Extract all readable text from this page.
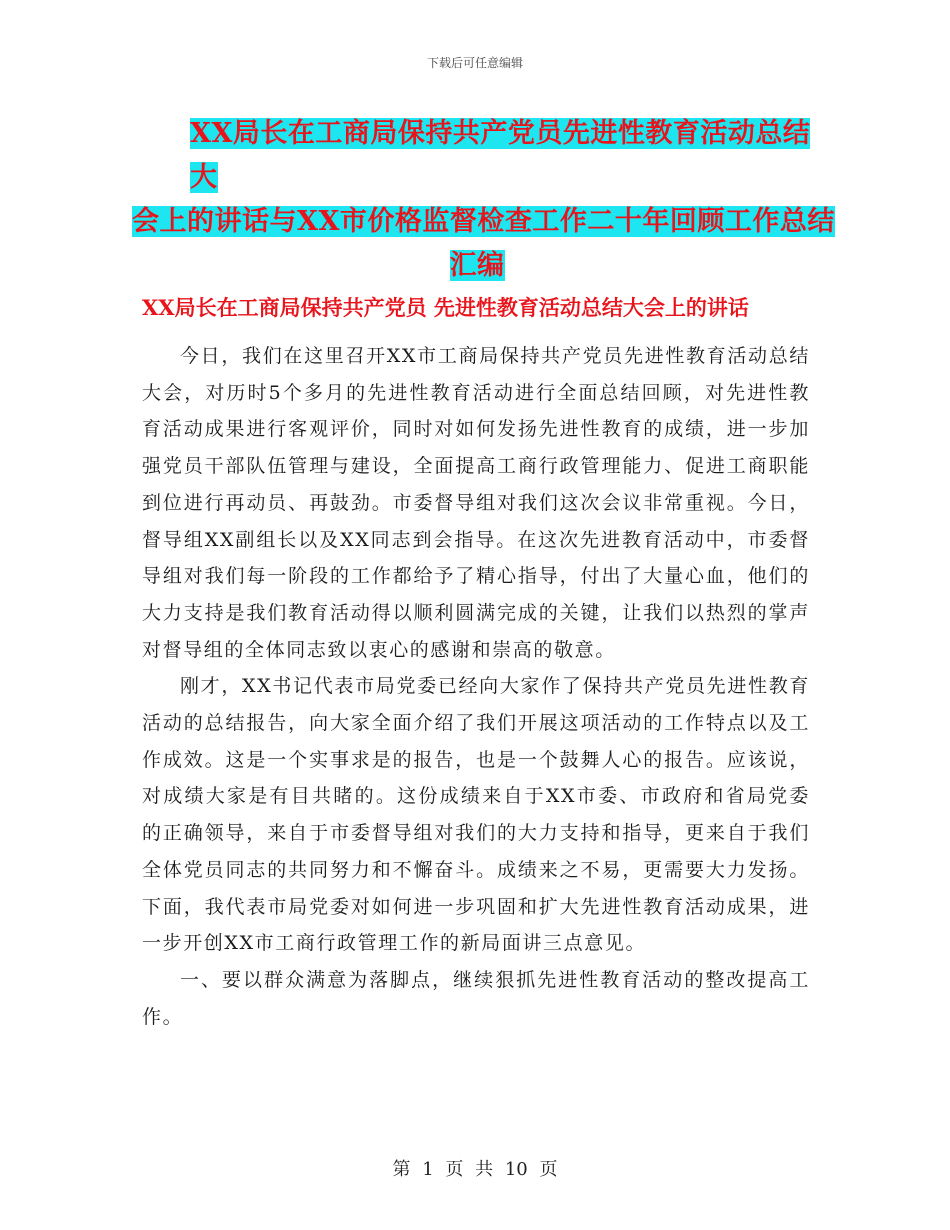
下载后可任意编辑
XX局长在工商局保持共产党员先进性教育活动总结大
会上的讲话与XX市价格监督检查工作二十年回顾工作总结
汇编
XX局长在工商局保持共产党员 先进性教育活动总结大会上的讲话

今日，我们在这里召开XX市工商局保持共产党员先进性教育活动总结大会，对历时5个多月的先进性教育活动进行全面总结回顾，对先进性教育活动成果进行客观评价，同时对如何发扬先进性教育的成绩，进一步加强党员干部队伍管理与建设，全面提高工商行政管理能力、促进工商职能到位进行再动员、再鼓劲。市委督导组对我们这次会议非常重视。今日，督导组XX副组长以及XX同志到会指导。在这次先进教育活动中，市委督导组对我们每一阶段的工作都给予了精心指导，付出了大量心血，他们的大力支持是我们教育活动得以顺利圆满完成的关键，让我们以热烈的掌声对督导组的全体同志致以衷心的感谢和崇高的敬意。

刚才，XX书记代表市局党委已经向大家作了保持共产党员先进性教育活动的总结报告，向大家全面介绍了我们开展这项活动的工作特点以及工作成效。这是一个实事求是的报告，也是一个鼓舞人心的报告。应该说，对成绩大家是有目共睹的。这份成绩来自于XX市委、市政府和省局党委的正确领导，来自于市委督导组对我们的大力支持和指导，更来自于我们全体党员同志的共同努力和不懈奋斗。成绩来之不易，更需要大力发扬。下面，我代表市局党委对如何进一步巩固和扩大先进性教育活动成果，进一步开创XX市工商行政管理工作的新局面讲三点意见。

一、要以群众满意为落脚点，继续狠抓先进性教育活动的整改提高工作。

第 1 页 共 10 页
